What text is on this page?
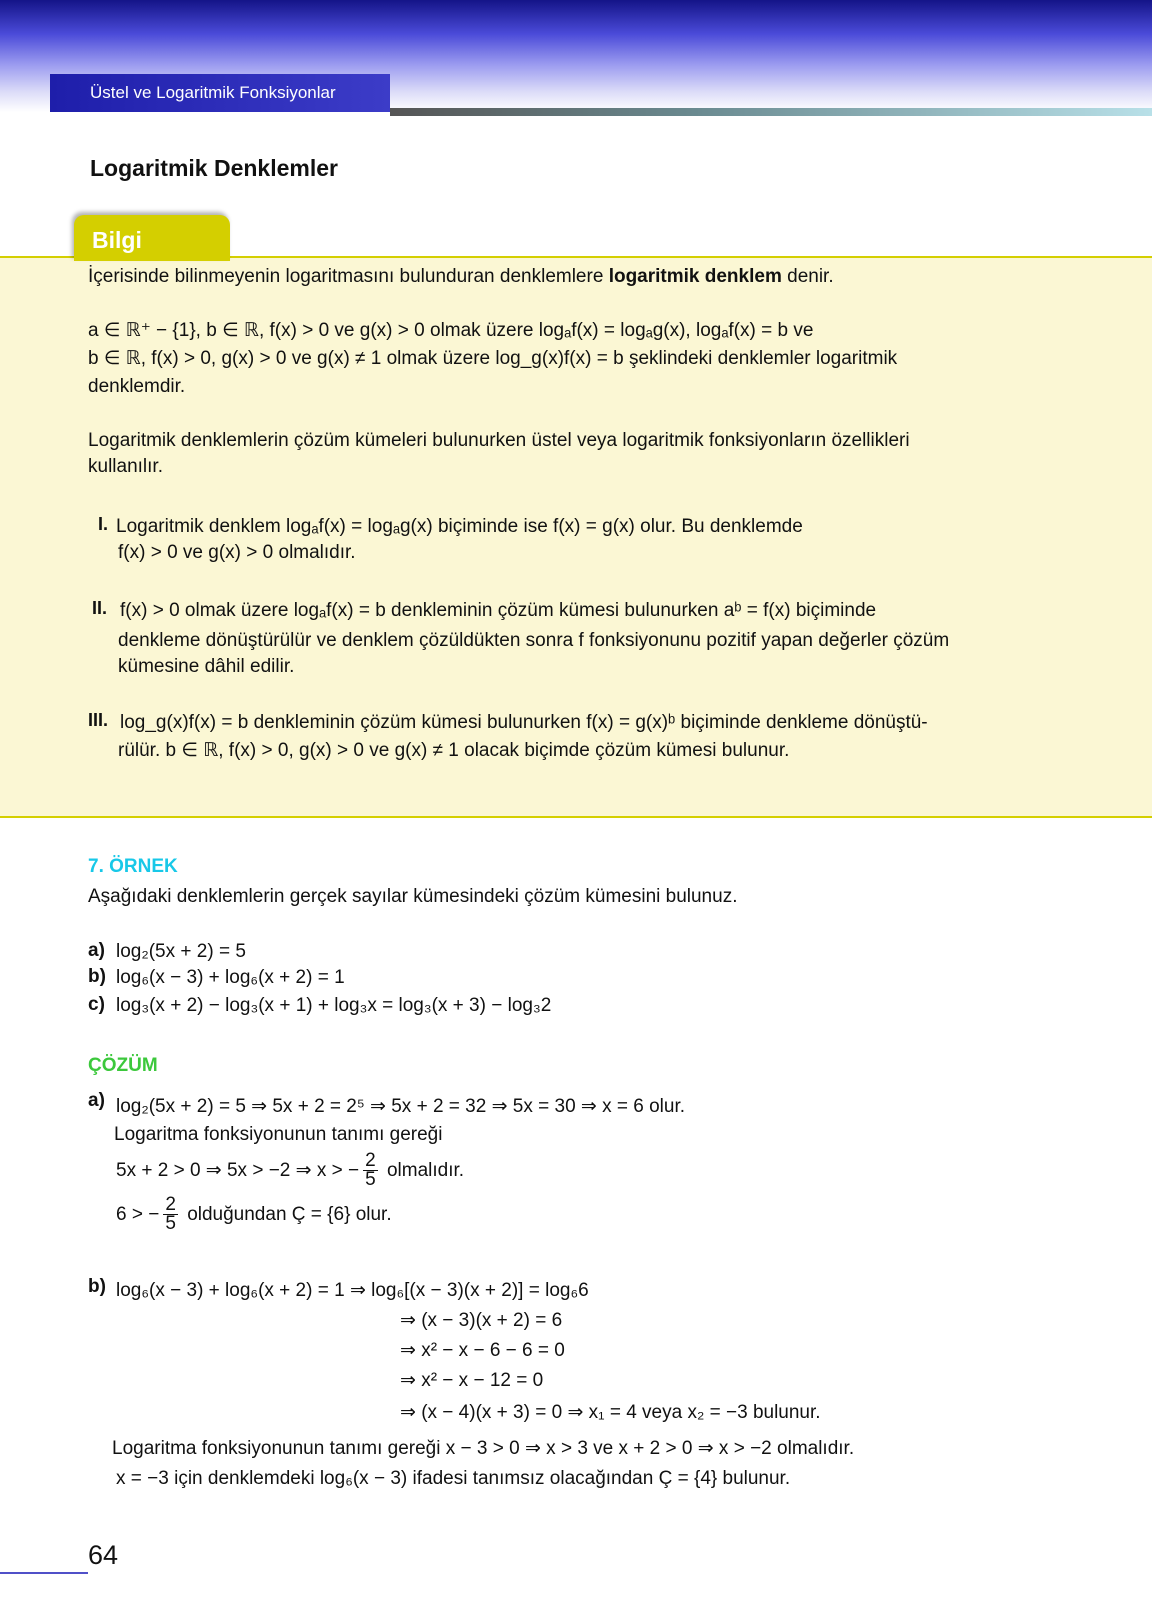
Üstel ve Logaritmik Fonksiyonlar
Logaritmik Denklemler
Bilgi
İçerisinde bilinmeyenin logaritmasını bulunduran denklemlere logaritmik denklem denir.
a ∈ ℝ⁺ − {1}, b ∈ ℝ, f(x) > 0 ve g(x) > 0 olmak üzere logₐf(x) = logₐg(x), logₐf(x) = b ve
b ∈ ℝ, f(x) > 0, g(x) > 0 ve g(x) ≠ 1 olmak üzere log_g(x)f(x) = b şeklindeki denklemler logaritmik
denklemdir.
Logaritmik denklemlerin çözüm kümeleri bulunurken üstel veya logaritmik fonksiyonların özellikleri
kullanılır.
I. Logaritmik denklem logₐf(x) = logₐg(x) biçiminde ise f(x) = g(x) olur. Bu denklemde
f(x) > 0 ve g(x) > 0 olmalıdır.
II. f(x) > 0 olmak üzere logₐf(x) = b denkleminin çözüm kümesi bulunurken aᵇ = f(x) biçiminde
denkleme dönüştürülür ve denklem çözüldükten sonra f fonksiyonunu pozitif yapan değerler çözüm
kümesine dâhil edilir.
III. log_g(x)f(x) = b denkleminin çözüm kümesi bulunurken f(x) = g(x)ᵇ biçiminde denkleme dönüştü-
rülür. b ∈ ℝ, f(x) > 0, g(x) > 0 ve g(x) ≠ 1 olacak biçimde çözüm kümesi bulunur.
7. ÖRNEK
Aşağıdaki denklemlerin gerçek sayılar kümesindeki çözüm kümesini bulunuz.
a) log₂(5x + 2) = 5
b) log₆(x − 3) + log₆(x + 2) = 1
c) log₃(x + 2) − log₃(x + 1) + log₃x = log₃(x + 3) − log₃2
ÇÖZÜM
a) log₂(5x + 2) = 5 ⇒ 5x + 2 = 2⁵ ⇒ 5x + 2 = 32 ⇒ 5x = 30 ⇒ x = 6 olur.
Logaritma fonksiyonunun tanımı gereği
5x + 2 > 0 ⇒ 5x > −2 ⇒ x > − $\frac{2}{5}$ olmalıdır.
6 > − $\frac{2}{5}$ olduğundan Ç = {6} olur.
b) log₆(x − 3) + log₆(x + 2) = 1 ⇒ log₆[(x − 3)(x + 2)] = log₆6
⇒ (x − 3)(x + 2) = 6
⇒ x² − x − 6 − 6 = 0
⇒ x² − x − 12 = 0
⇒ (x − 4)(x + 3) = 0 ⇒ x₁ = 4 veya x₂ = −3 bulunur.
Logaritma fonksiyonunun tanımı gereği x − 3 > 0 ⇒ x > 3 ve x + 2 > 0 ⇒ x > −2 olmalıdır.
x = −3 için denklemdeki log₆(x − 3) ifadesi tanımsız olacağından Ç = {4} bulunur.
64
